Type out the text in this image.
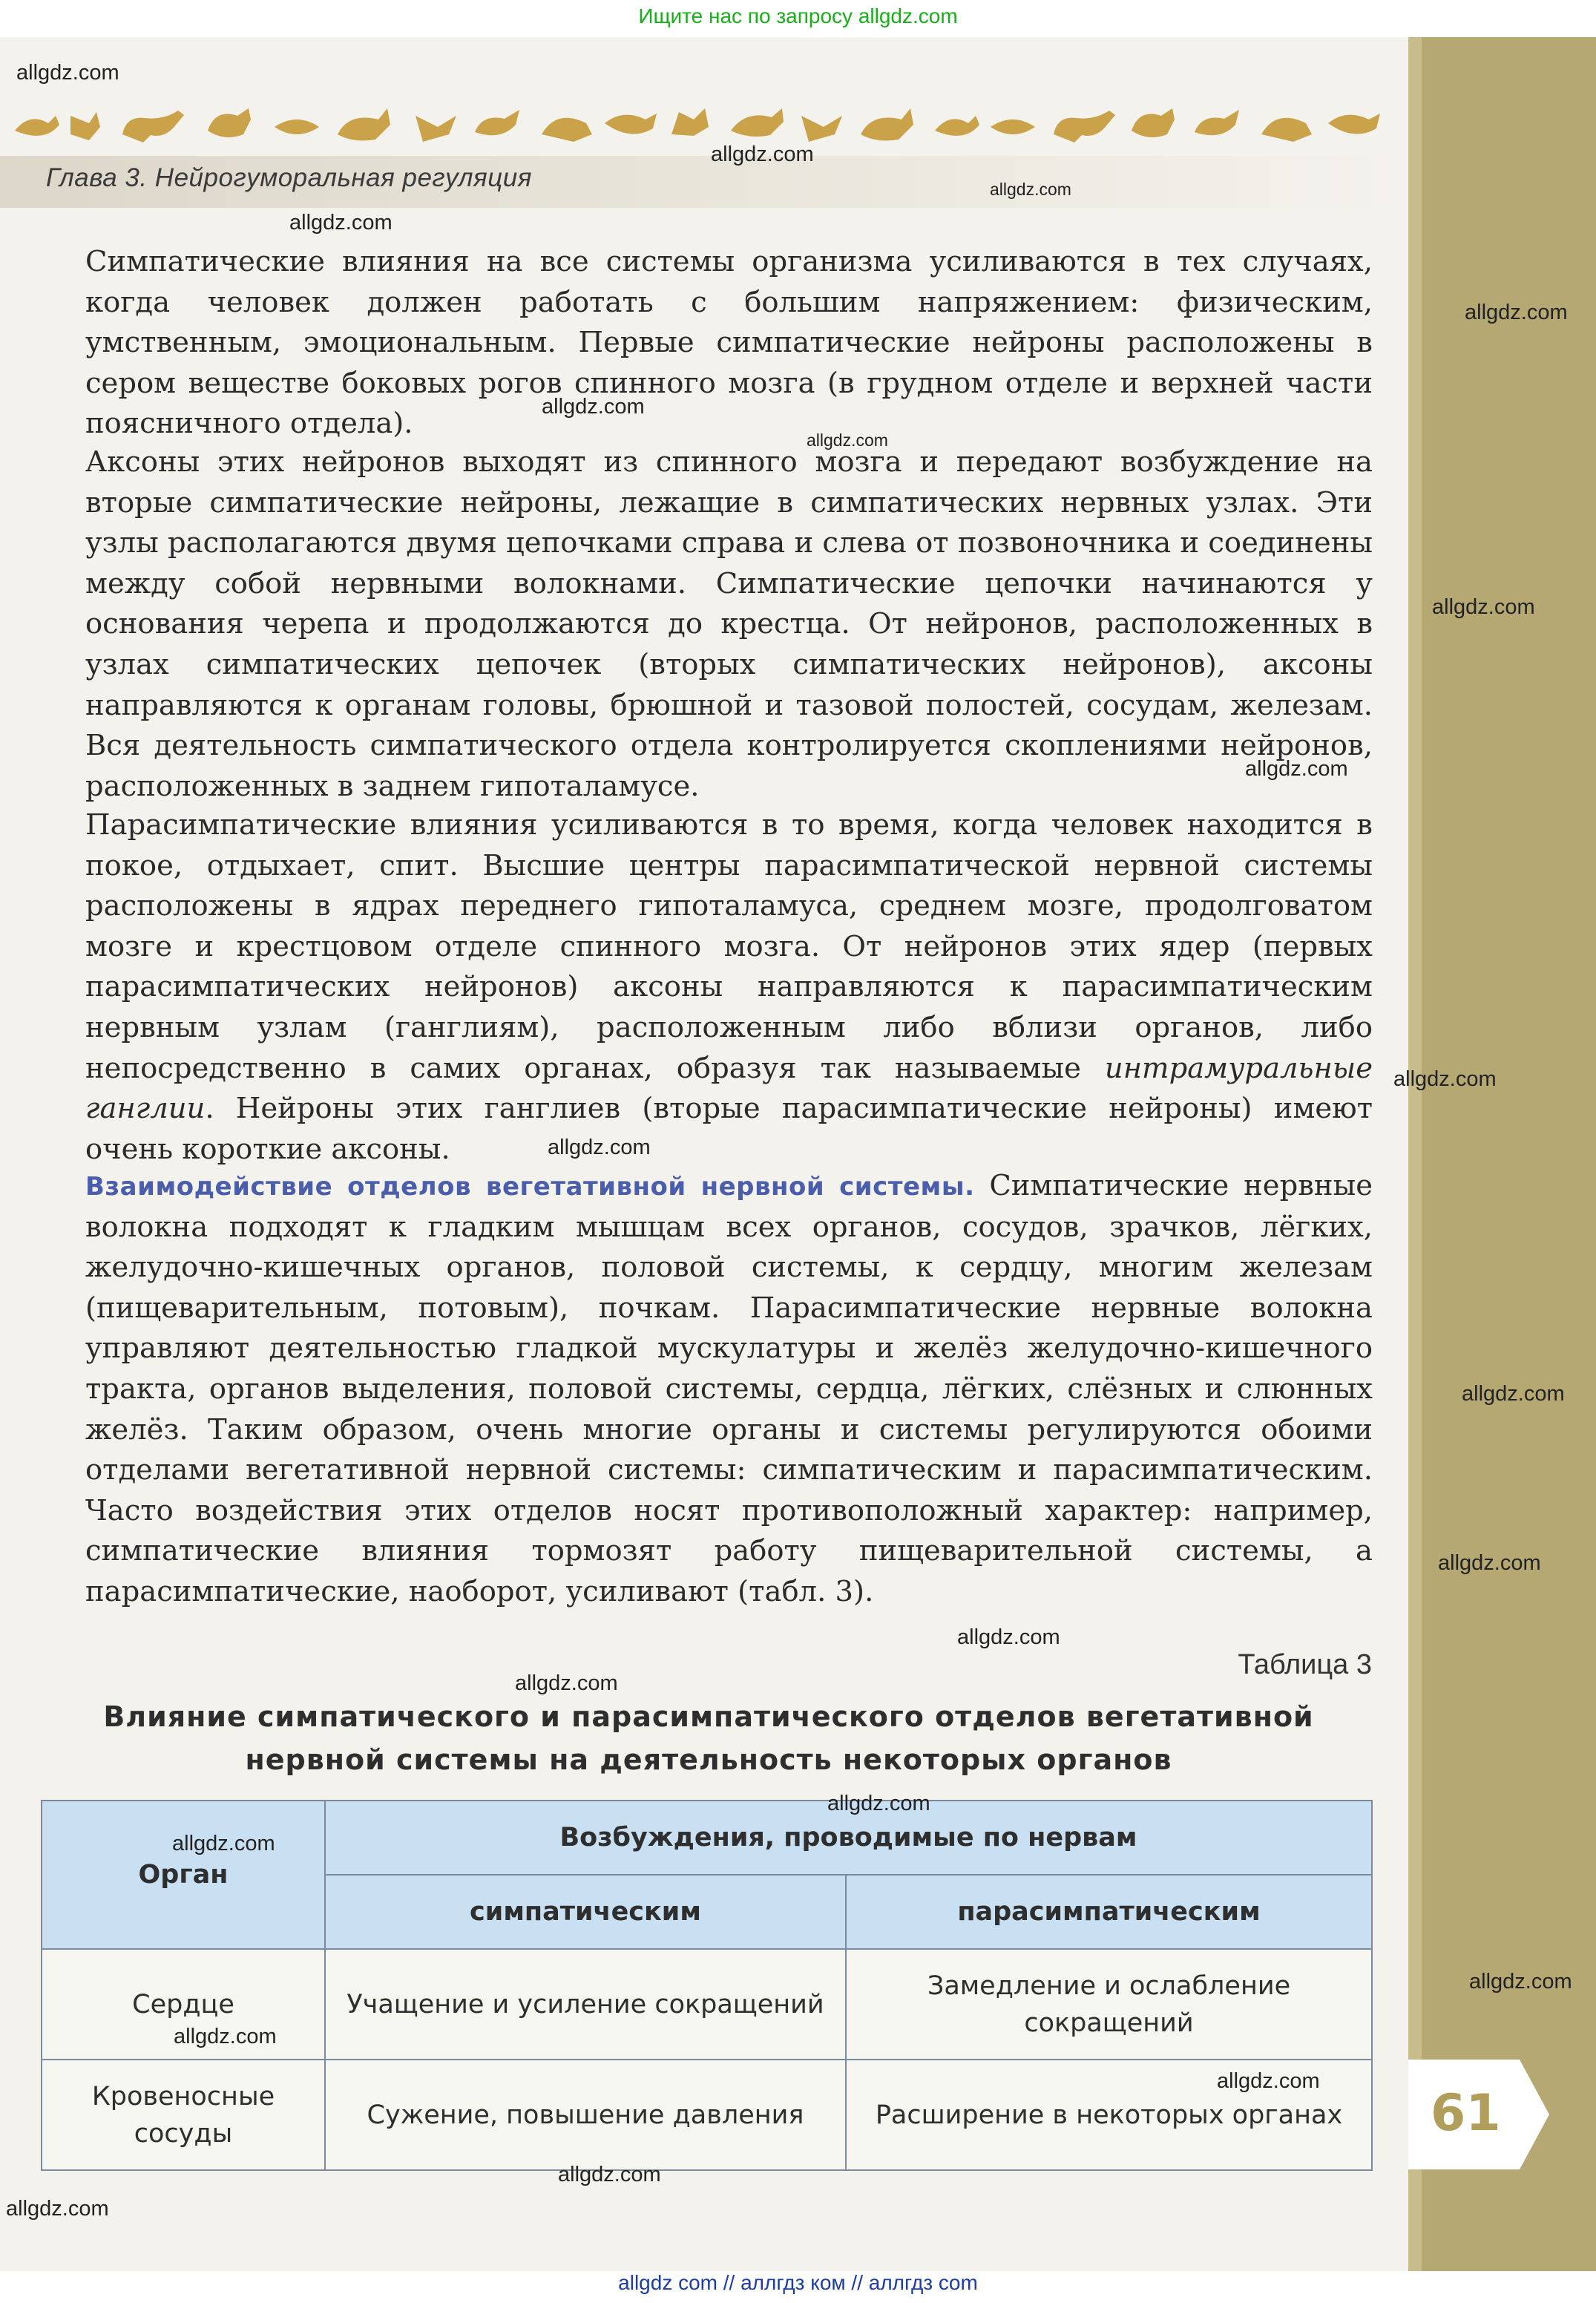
Ищите нас по запросу allgdz.com
Глава 3. Нейрогуморальная регуляция

Симпатические влияния на все системы организма усиливаются в тех случаях, когда человек должен работать с большим напряжением: физическим, умственным, эмоциональным. Первые симпатические нейроны расположены в сером веществе боковых рогов спинного мозга (в грудном отделе и верхней части поясничного отдела).

Аксоны этих нейронов выходят из спинного мозга и передают возбуждение на вторые симпатические нейроны, лежащие в симпатических нервных узлах. Эти узлы располагаются двумя цепочками справа и слева от позвоночника и соединены между собой нервными волокнами. Симпатические цепочки начинаются у основания черепа и продолжаются до крестца. От нейронов, расположенных в узлах симпатических цепочек (вторых симпатических нейронов), аксоны направляются к органам головы, брюшной и тазовой полостей, сосудам, железам. Вся деятельность симпатического отдела контролируется скоплениями нейронов, расположенных в заднем гипоталамусе.

Парасимпатические влияния усиливаются в то время, когда человек находится в покое, отдыхает, спит. Высшие центры парасимпатической нервной системы расположены в ядрах переднего гипоталамуса, среднем мозге, продолговатом мозге и крестцовом отделе спинного мозга. От нейронов этих ядер (первых парасимпатических нейронов) аксоны направляются к парасимпатическим нервным узлам (ганглиям), расположенным либо вблизи органов, либо непосредственно в самих органах, образуя так называемые интрамуральные ганглии. Нейроны этих ганглиев (вторые парасимпатические нейроны) имеют очень короткие аксоны.

Взаимодействие отделов вегетативной нервной системы. Симпатические нервные волокна подходят к гладким мышцам всех органов, сосудов, зрачков, лёгких, желудочно-кишечных органов, половой системы, к сердцу, многим железам (пищеварительным, потовым), почкам. Парасимпатические нервные волокна управляют деятельностью гладкой мускулатуры и желёз желудочно-кишечного тракта, органов выделения, половой системы, сердца, лёгких, слёзных и слюнных желёз. Таким образом, очень многие органы и системы регулируются обоими отделами вегетативной нервной системы: симпатическим и парасимпатическим. Часто воздействия этих отделов носят противоположный характер: например, симпатические влияния тормозят работу пищеварительной системы, а парасимпатические, наоборот, усиливают (табл. 3).

Таблица 3
Влияние симпатического и парасимпатического отделов вегетативной
нервной системы на деятельность некоторых органов
Орган	Возбуждения, проводимые по нервам	
	симпатическим	парасимпатическим
Сердце	Учащение и усиление сокращений	Замедление и ослабление сокращений
Кровеносные сосуды	Сужение, повышение давления	Расширение в некоторых органах 61
allgdz.com
allgdz.com
allgdz.com
allgdz.com
allgdz.com
allgdz.com
allgdz.com
allgdz.com
allgdz.com
allgdz.com
allgdz.com
allgdz.com
allgdz.com
allgdz.com
allgdz.com
allgdz.com
allgdz.com
allgdz.com
allgdz.com
allgdz.com
allgdz.com
allgdz.com
allgdz com // аллгдз ком // аллгдз com
